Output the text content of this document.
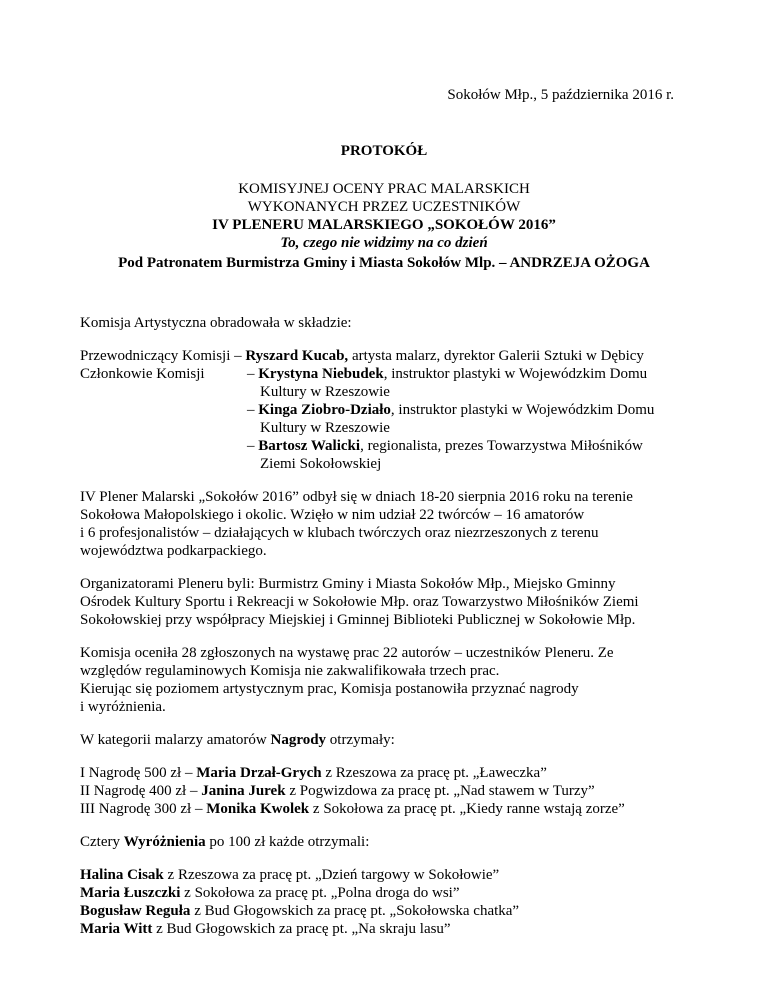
Sokołów Młp., 5 października 2016 r.
PROTOKÓŁ
KOMISYJNEJ OCENY PRAC MALARSKICH
WYKONANYCH PRZEZ UCZESTNIKÓW
IV PLENERU MALARSKIEGO „SOKOŁÓW 2016”
To, czego nie widzimy na co dzień
Pod Patronatem Burmistrza Gminy i Miasta Sokołów Mlp. – ANDRZEJA OŻOGA
Komisja Artystyczna obradowała w składzie:
Przewodniczący Komisji – Ryszard Kucab, artysta malarz, dyrektor Galerii Sztuki w Dębicy
Członkowie Komisji	– Krystyna Niebudek, instruktor plastyki w Wojewódzkim Domu
Kultury w Rzeszowie
– Kinga Ziobro-Działo, instruktor plastyki w Wojewódzkim Domu
Kultury w Rzeszowie
– Bartosz Walicki, regionalista, prezes Towarzystwa Miłośników
Ziemi Sokołowskiej
IV Plener Malarski „Sokołów 2016” odbył się w dniach 18-20 sierpnia 2016 roku na terenie
Sokołowa Małopolskiego i okolic. Wzięło w nim udział 22 twórców – 16 amatorów
i 6 profesjonalistów – działających w klubach twórczych oraz niezrzeszonych z terenu
województwa podkarpackiego.
Organizatorami Pleneru byli: Burmistrz Gminy i Miasta Sokołów Młp., Miejsko Gminny
Ośrodek Kultury Sportu i Rekreacji w Sokołowie Młp. oraz Towarzystwo Miłośników Ziemi
Sokołowskiej przy współpracy Miejskiej i Gminnej Biblioteki Publicznej w Sokołowie Młp.
Komisja oceniła 28 zgłoszonych na wystawę prac 22 autorów – uczestników Pleneru. Ze
względów regulaminowych Komisja nie zakwalifikowała trzech prac.
Kierując się poziomem artystycznym prac, Komisja postanowiła przyznać nagrody
i wyróżnienia.
W kategorii malarzy amatorów Nagrody otrzymały:
I Nagrodę 500 zł – Maria Drzał-Grych z Rzeszowa za pracę pt. „Ławeczka”
II Nagrodę 400 zł – Janina Jurek z Pogwizdowa za pracę pt. „Nad stawem w Turzy”
III Nagrodę 300 zł – Monika Kwolek z Sokołowa za pracę pt. „Kiedy ranne wstają zorze”
Cztery Wyróżnienia po 100 zł każde otrzymali:
Halina Cisak z Rzeszowa za pracę pt. „Dzień targowy w Sokołowie”
Maria Łuszczki z Sokołowa za pracę pt. „Polna droga do wsi”
Bogusław Reguła z Bud Głogowskich za pracę pt. „Sokołowska chatka”
Maria Witt z Bud Głogowskich za pracę pt. „Na skraju lasu”
